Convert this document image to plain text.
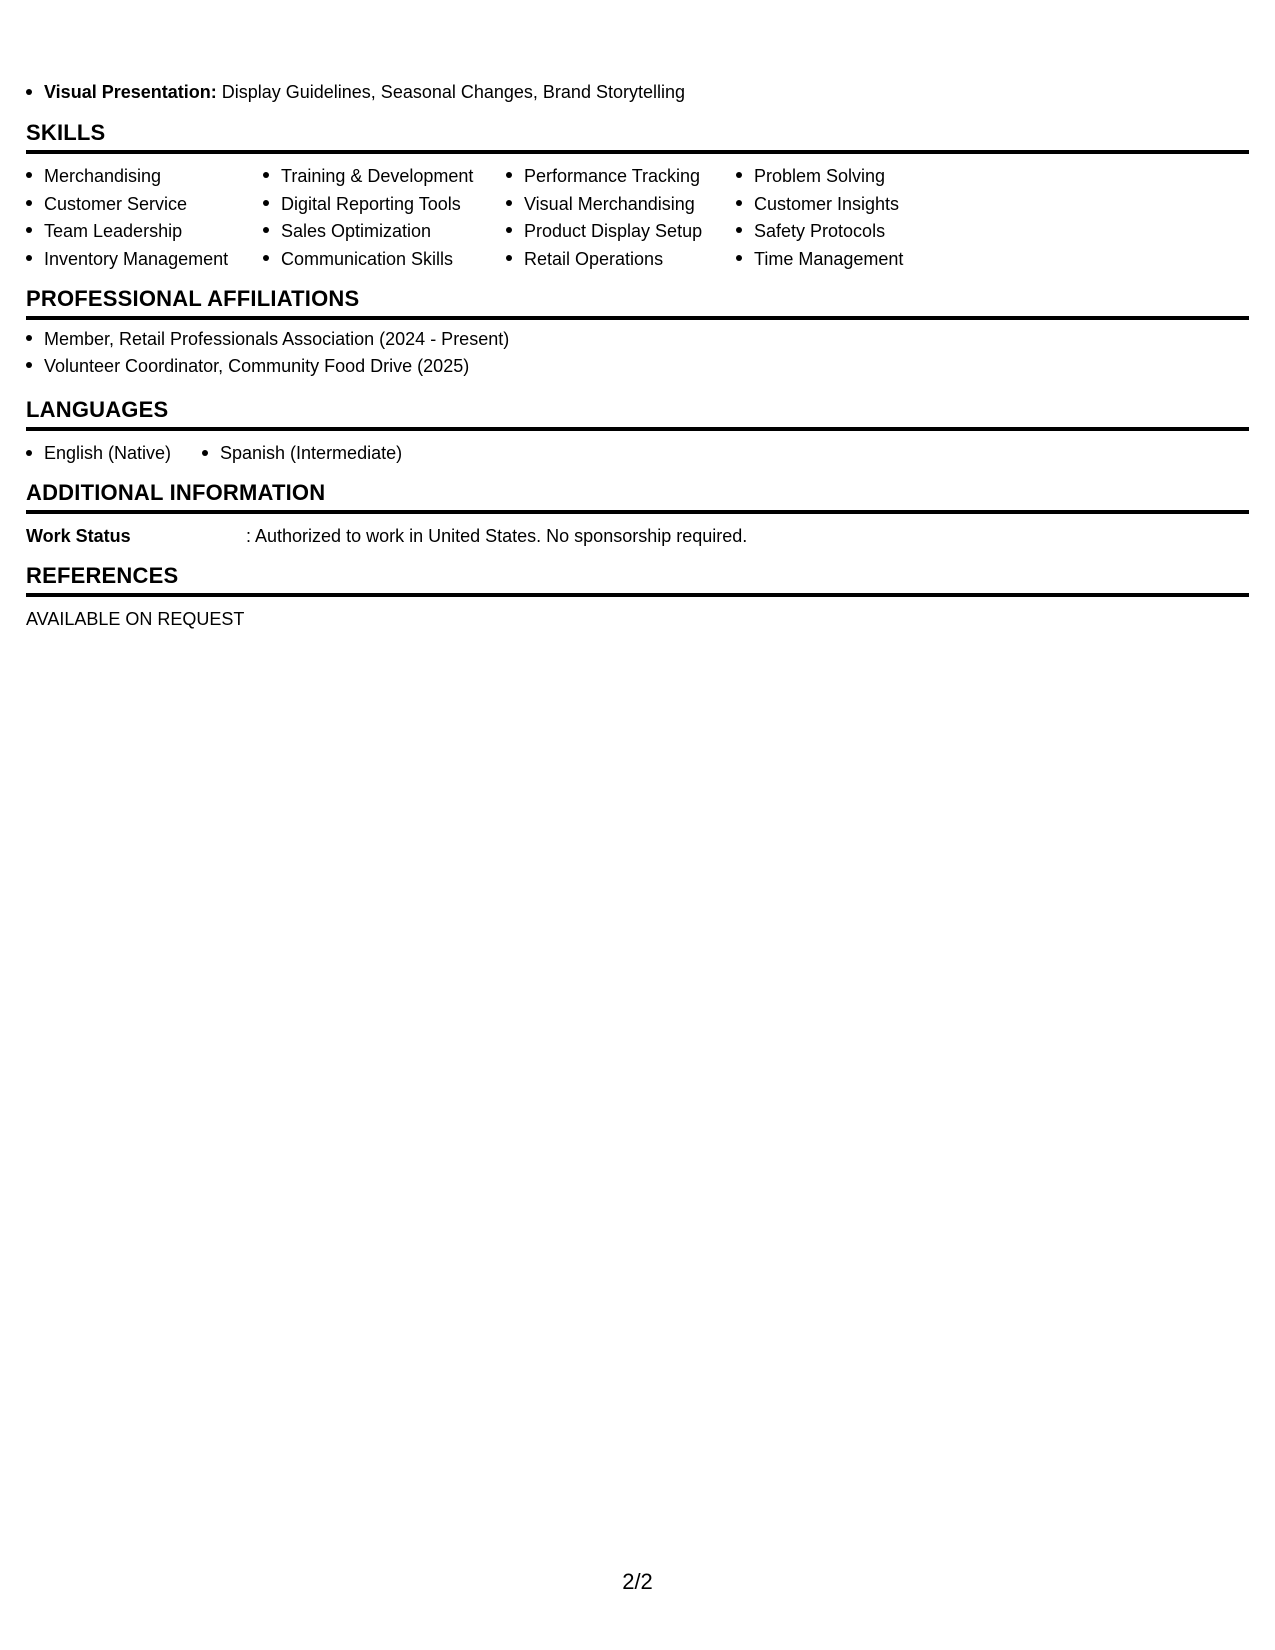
Visual Presentation: Display Guidelines, Seasonal Changes, Brand Storytelling
SKILLS
Merchandising
Customer Service
Team Leadership
Inventory Management
Training & Development
Digital Reporting Tools
Sales Optimization
Communication Skills
Performance Tracking
Visual Merchandising
Product Display Setup
Retail Operations
Problem Solving
Customer Insights
Safety Protocols
Time Management
PROFESSIONAL AFFILIATIONS
Member, Retail Professionals Association (2024 - Present)
Volunteer Coordinator, Community Food Drive (2025)
LANGUAGES
English (Native)	Spanish (Intermediate)
ADDITIONAL INFORMATION
Work Status	: Authorized to work in United States. No sponsorship required.
REFERENCES
AVAILABLE ON REQUEST
2/2
